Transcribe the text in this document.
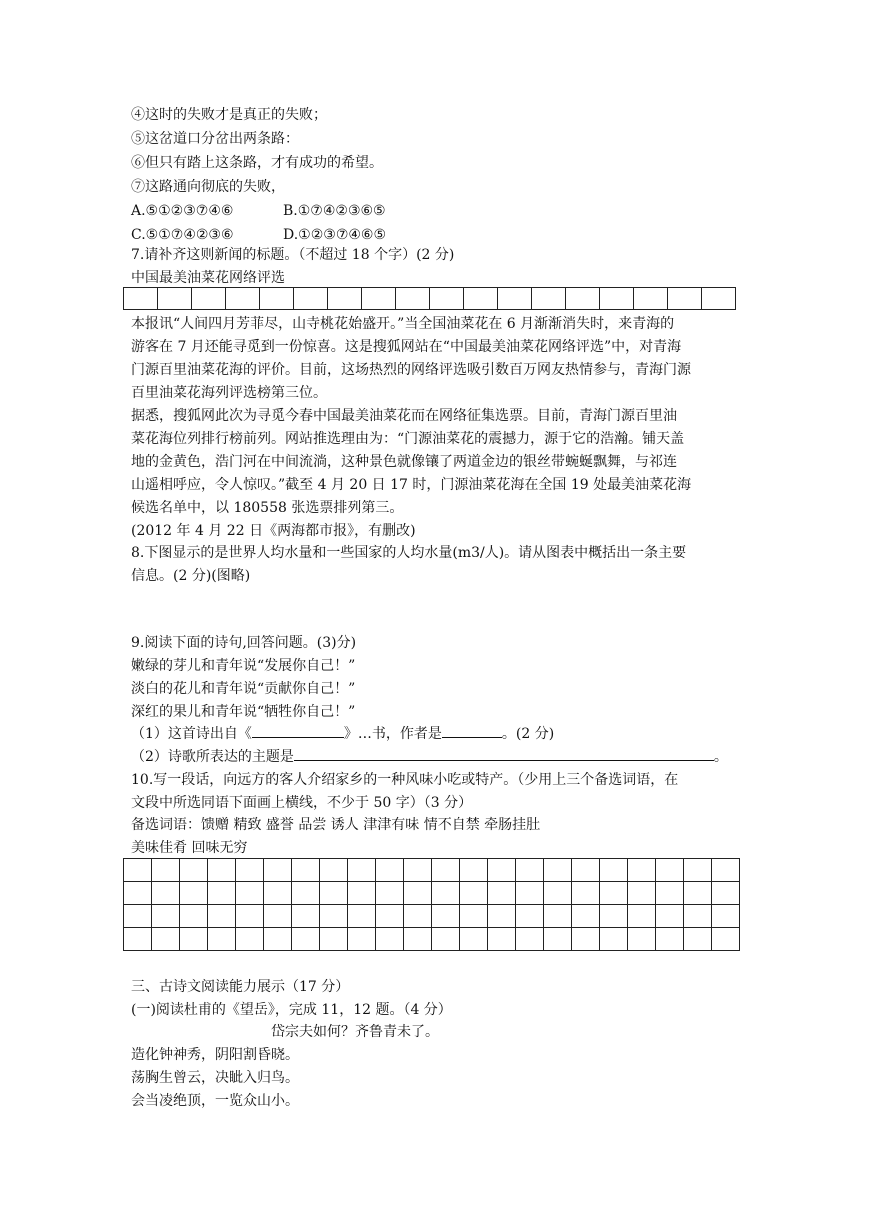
④这时的失败才是真正的失败；
⑤这岔道口分岔出两条路：
⑥但只有踏上这条路，才有成功的希望。
⑦这路通向彻底的失败，
A.⑤①②③⑦④⑥	B.①⑦④②③⑥⑤
C.⑤①⑦④②③⑥	D.①②③⑦④⑥⑤
7.请补齐这则新闻的标题。（不超过 18 个字）(2 分)
中国最美油菜花网络评选

本报讯“人间四月芳菲尽，山寺桃花始盛开。”当全国油菜花在 6 月渐渐消失时，来青海的
游客在 7 月还能寻觅到一份惊喜。这是搜狐网站在“中国最美油菜花网络评选”中，对青海
门源百里油菜花海的评价。目前，这场热烈的网络评选吸引数百万网友热情参与，青海门源
百里油菜花海列评选榜第三位。
据悉，搜狐网此次为寻觅今春中国最美油菜花而在网络征集选票。目前，青海门源百里油
菜花海位列排行榜前列。网站推选理由为：“门源油菜花的震撼力，源于它的浩瀚。铺天盖
地的金黄色，浩门河在中间流淌，这种景色就像镶了两道金边的银丝带蜿蜒飘舞，与祁连
山遥相呼应，令人惊叹。”截至 4 月 20 日 17 时，门源油菜花海在全国 19 处最美油菜花海
候选名单中，以 180558 张选票排列第三。
(2012 年 4 月 22 日《两海都市报》，有删改)
8.下图显示的是世界人均水量和一些国家的人均水量(m3/人)。请从图表中概括出一条主要
信息。(2 分)(图略)
9.阅读下面的诗句,回答问题。(3)分)
嫩绿的芽儿和青年说“发展你自己！”
淡白的花儿和青年说“贡献你自己！”
深红的果儿和青年说“牺牲你自己！”
（1）这首诗出自《	》…书，作者是	。(2 分)
（2）诗歌所表达的主题是	。
10.写一段话，向远方的客人介绍家乡的一种风味小吃或特产。（少用上三个备选词语，在
文段中所选同语下面画上横线，不少于 50 字）（3 分）
备选词语：馈赠 精致 盛誉 品尝 诱人 津津有味 情不自禁 牵肠挂肚
美味佳肴 回味无穷

三、古诗文阅读能力展示（17 分）
(一)阅读杜甫的《望岳》，完成 11，12 题。（4 分）
岱宗夫如何？齐鲁青未了。
造化钟神秀，阴阳割昏晓。
荡胸生曾云，决眦入归鸟。
会当凌绝顶，一览众山小。
